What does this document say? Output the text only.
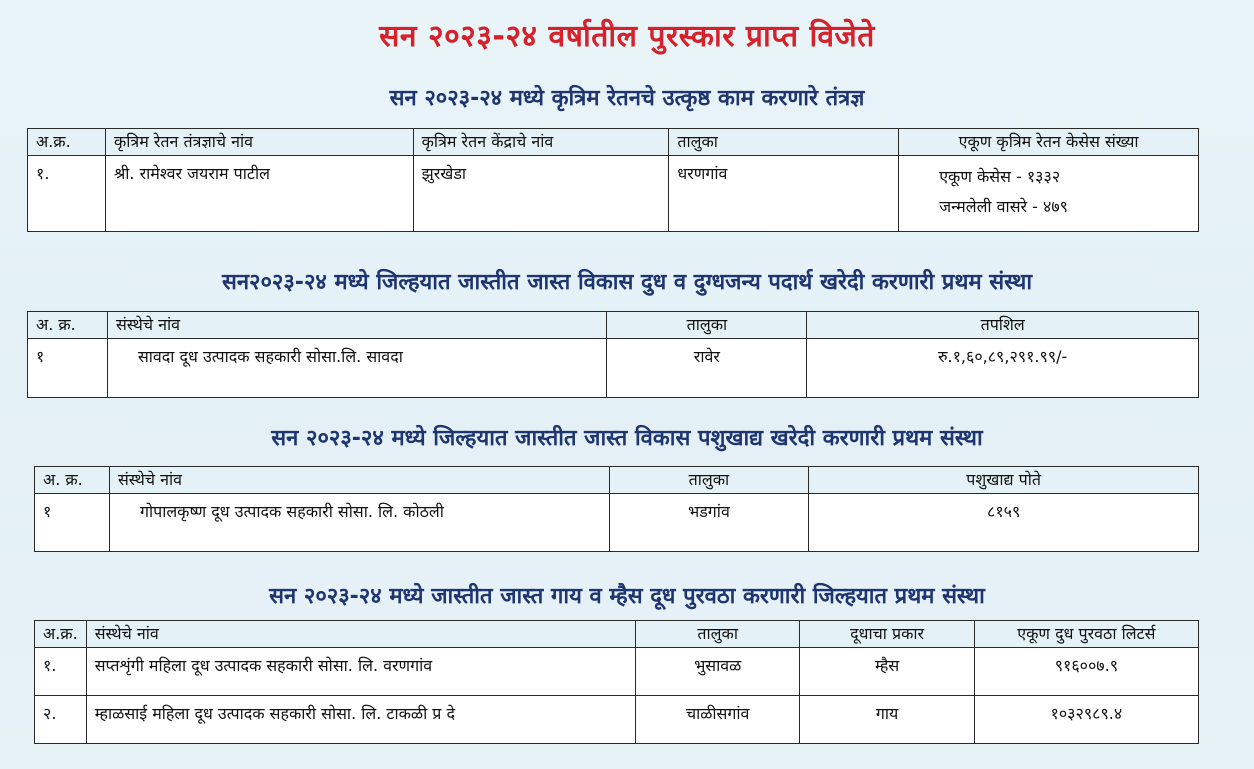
सन २०२३-२४ वर्षातील पुरस्कार प्राप्त विजेते
सन २०२३-२४ मध्ये कृत्रिम रेतनचे उत्कृष्ठ काम करणारे तंत्रज्ञ
अ.क्र.	कृत्रिम रेतन तंत्रज्ञाचे नांव	कृत्रिम रेतन केंद्राचे नांव	तालुका	एकूण कृत्रिम रेतन केसेस संख्या
१.	श्री. रामेश्वर जयराम पाटील	झुरखेडा	धरणगांव	एकूण केसेस - १३३२
जन्मलेली वासरे - ४७९
सन२०२३-२४ मध्ये जिल्हयात जास्तीत जास्त विकास दुध व दुग्धजन्य पदार्थ खरेदी करणारी प्रथम संस्था
अ. क्र.	संस्थेचे नांव	तालुका	तपशिल
१	सावदा दूध उत्पादक सहकारी सोसा.लि. सावदा	रावेर	रु.१,६०,८९,२९१.९९/-
सन २०२३-२४ मध्ये जिल्हयात जास्तीत जास्त विकास पशुखाद्य खरेदी करणारी प्रथम संस्था
अ. क्र.	संस्थेचे नांव	तालुका	पशुखाद्य पोते
१	गोपालकृष्ण दूध उत्पादक सहकारी सोसा. लि. कोठली	भडगांव	८१५९
सन २०२३-२४ मध्ये जास्तीत जास्त गाय व म्हैस दूध पुरवठा करणारी जिल्हयात प्रथम संस्था
अ.क्र.	संस्थेचे नांव	तालुका	दूधाचा प्रकार	एकूण दुध पुरवठा लिटर्स
१.	सप्तशृंगी महिला दूध उत्पादक सहकारी सोसा. लि. वरणगांव	भुसावळ	म्हैस	९१६००७.९
२.	म्हाळसाई महिला दूध उत्पादक सहकारी सोसा. लि. टाकळी प्र दे	चाळीसगांव	गाय	१०३२९८९.४
